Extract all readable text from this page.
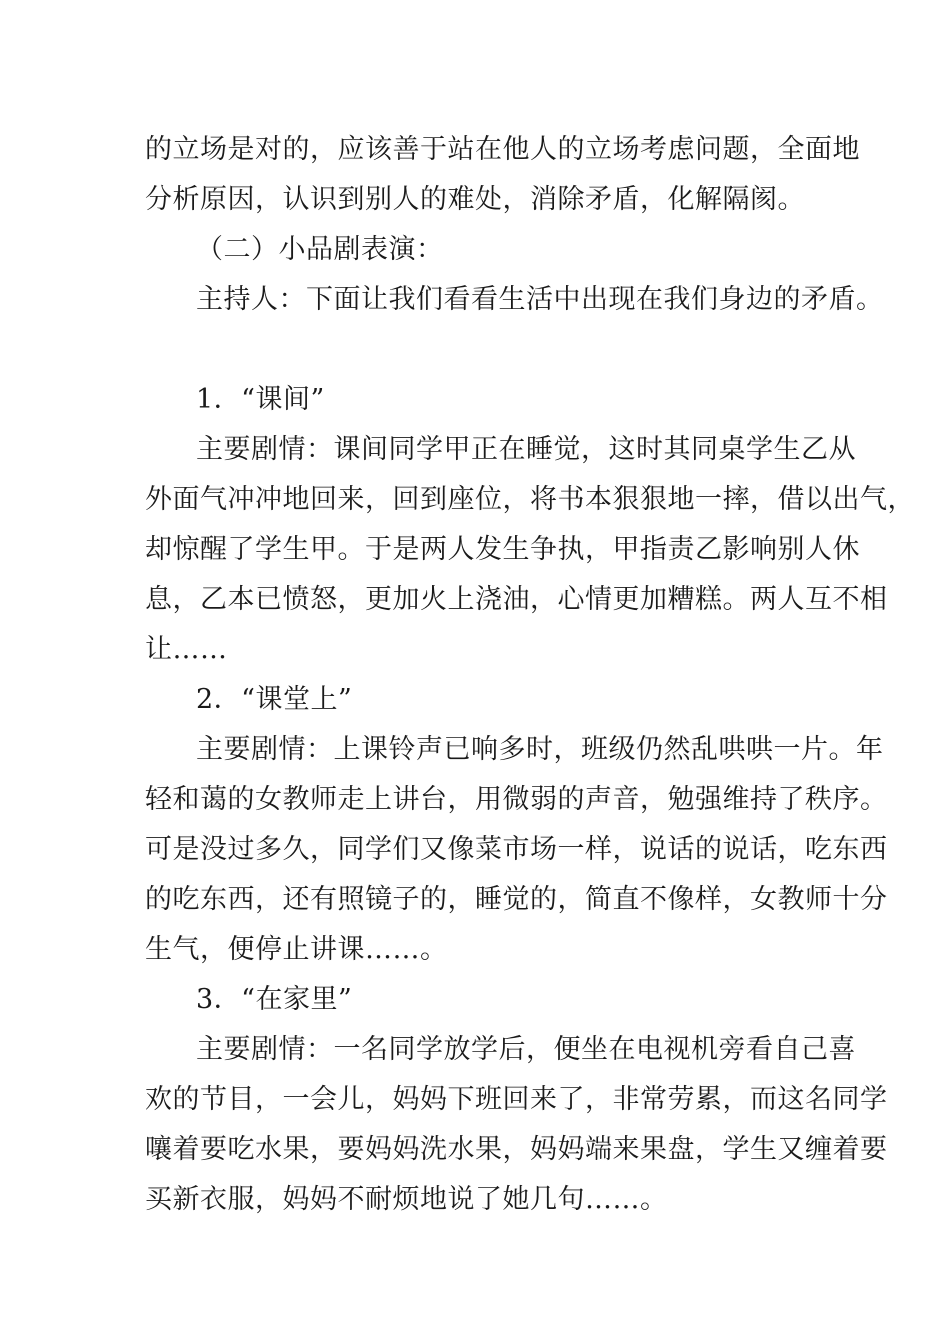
的立场是对的，应该善于站在他人的立场考虑问题，全面地
分析原因，认识到别人的难处，消除矛盾，化解隔阂。
（二）小品剧表演：
主持人：下面让我们看看生活中出现在我们身边的矛盾。
1．“课间”
主要剧情：课间同学甲正在睡觉，这时其同桌学生乙从
外面气冲冲地回来，回到座位，将书本狠狠地一摔，借以出气，
却惊醒了学生甲。于是两人发生争执，甲指责乙影响别人休
息，乙本已愤怒，更加火上浇油，心情更加糟糕。两人互不相
让……
2．“课堂上”
主要剧情：上课铃声已响多时，班级仍然乱哄哄一片。年
轻和蔼的女教师走上讲台，用微弱的声音，勉强维持了秩序。
可是没过多久，同学们又像菜市场一样，说话的说话，吃东西
的吃东西，还有照镜子的，睡觉的，简直不像样，女教师十分
生气，便停止讲课……。
3．“在家里”
主要剧情：一名同学放学后，便坐在电视机旁看自己喜
欢的节目，一会儿，妈妈下班回来了，非常劳累，而这名同学
嚷着要吃水果，要妈妈洗水果，妈妈端来果盘，学生又缠着要
买新衣服，妈妈不耐烦地说了她几句……。
